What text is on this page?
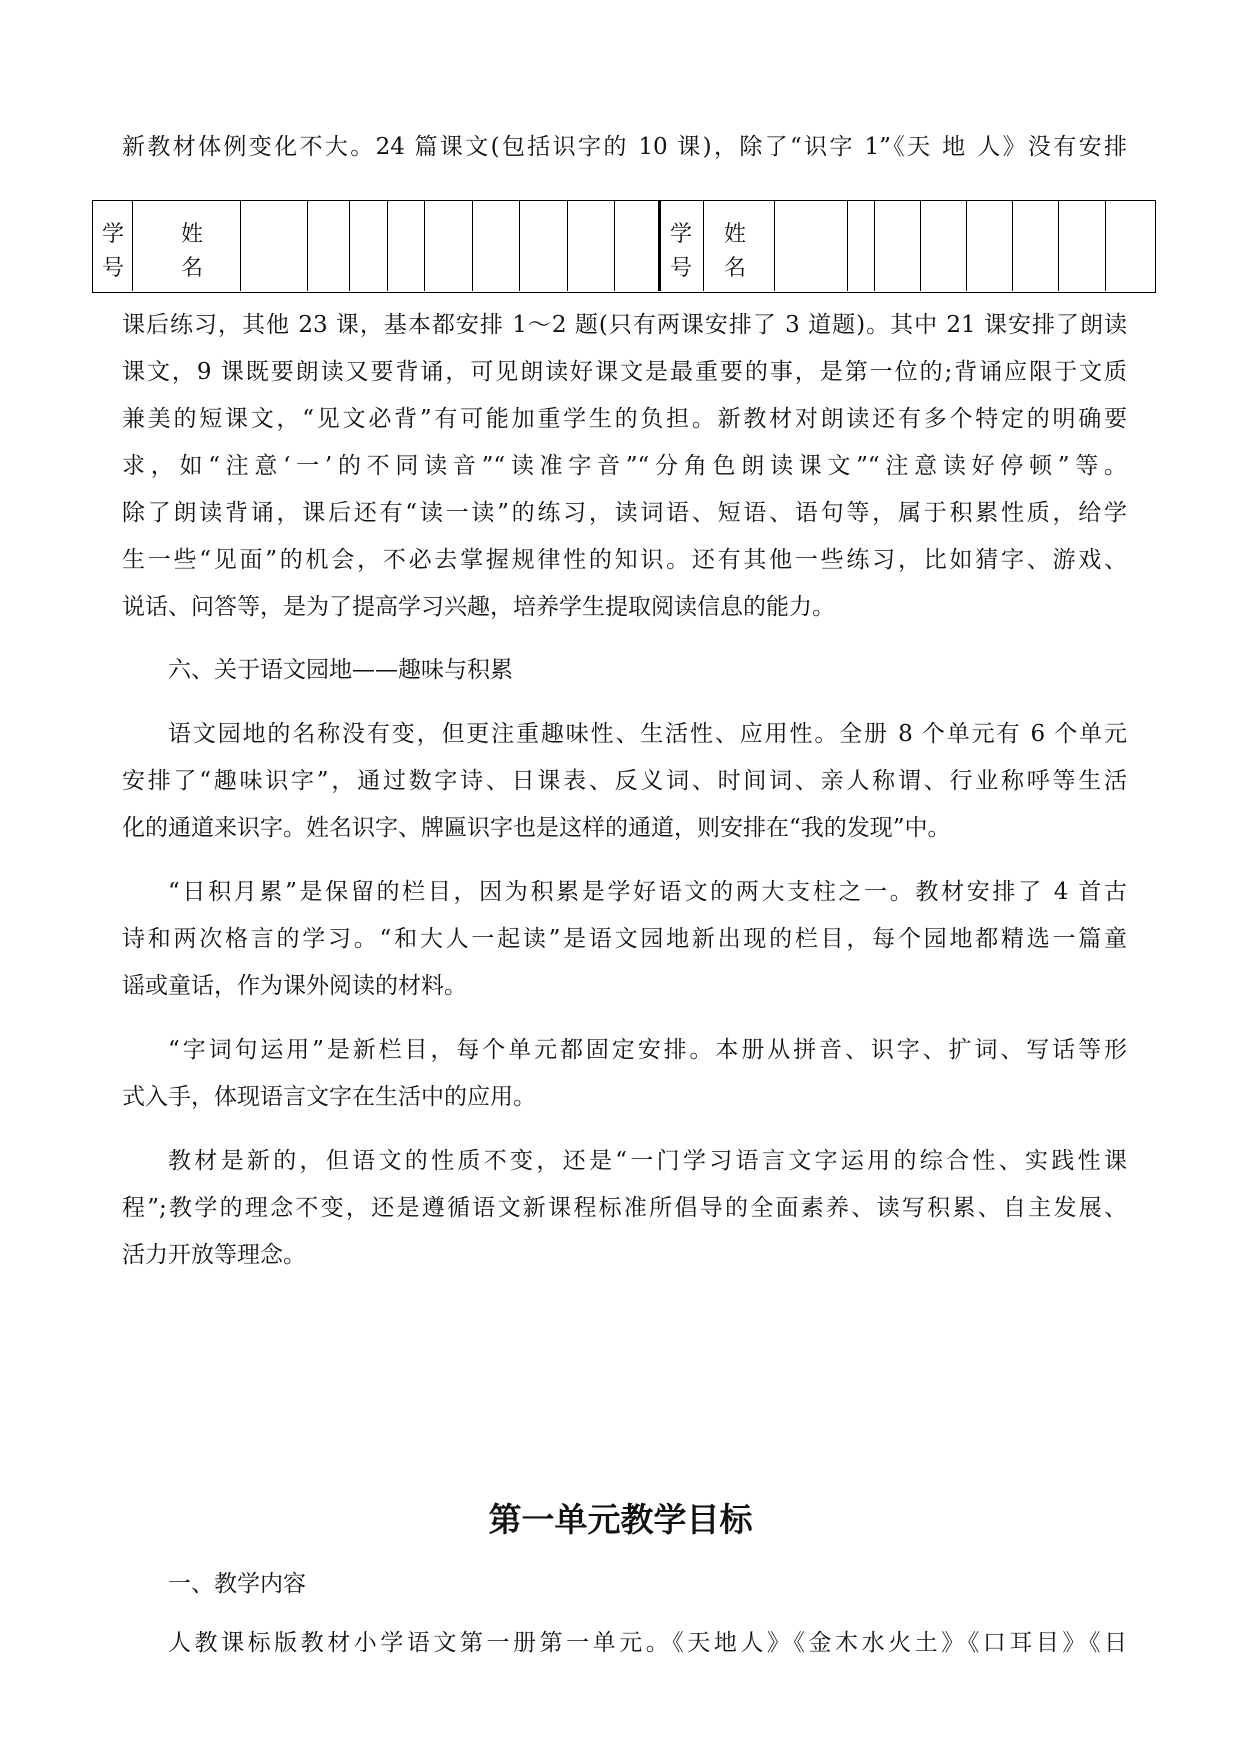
新教材体例变化不大。24 篇课文(包括识字的 10 课)，除了“识字 1”《天 地 人》没有安排
学
号
姓
名
学
号
姓
名
课后练习，其他 23 课，基本都安排 1～2 题(只有两课安排了 3 道题)。其中 21 课安排了朗读
课文，9 课既要朗读又要背诵，可见朗读好课文是最重要的事，是第一位的;背诵应限于文质
兼美的短课文，“见文必背”有可能加重学生的负担。新教材对朗读还有多个特定的明确要
求，如“注意‘一’的不同读音”“读准字音”“分角色朗读课文”“注意读好停顿”等。
除了朗读背诵，课后还有“读一读”的练习，读词语、短语、语句等，属于积累性质，给学
生一些“见面”的机会，不必去掌握规律性的知识。还有其他一些练习，比如猜字、游戏、
说话、问答等，是为了提高学习兴趣，培养学生提取阅读信息的能力。
六、关于语文园地——趣味与积累
语文园地的名称没有变，但更注重趣味性、生活性、应用性。全册 8 个单元有 6 个单元
安排了“趣味识字”，通过数字诗、日课表、反义词、时间词、亲人称谓、行业称呼等生活
化的通道来识字。姓名识字、牌匾识字也是这样的通道，则安排在“我的发现”中。
“日积月累”是保留的栏目，因为积累是学好语文的两大支柱之一。教材安排了 4 首古
诗和两次格言的学习。“和大人一起读”是语文园地新出现的栏目，每个园地都精选一篇童
谣或童话，作为课外阅读的材料。
“字词句运用”是新栏目，每个单元都固定安排。本册从拼音、识字、扩词、写话等形
式入手，体现语言文字在生活中的应用。
教材是新的，但语文的性质不变，还是“一门学习语言文字运用的综合性、实践性课
程”;教学的理念不变，还是遵循语文新课程标准所倡导的全面素养、读写积累、自主发展、
活力开放等理念。
第一单元教学目标
一、教学内容
人教课标版教材小学语文第一册第一单元。《天地人》《金木水火土》《口耳目》《日
